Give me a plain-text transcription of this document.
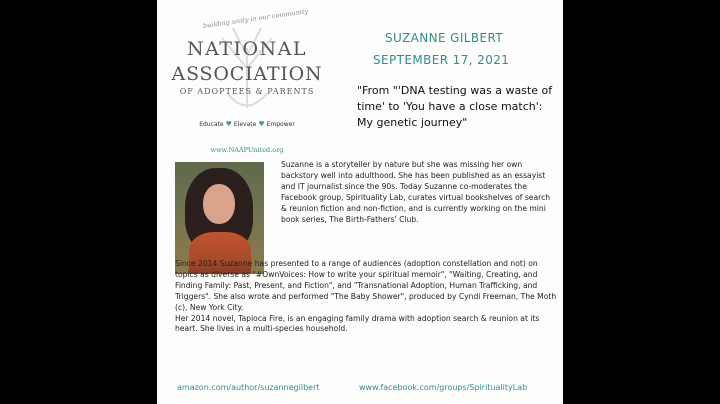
building unity in our community
NATIONAL
ASSOCIATION
OF ADOPTEES & PARENTS
Educate ♥ Elevate ♥ Empower
www.NAAPUnited.org
SUZANNE GILBERT
SEPTEMBER 17, 2021
"From "'DNA testing was a waste of time' to 'You have a close match': My genetic journey"

Suzanne is a storyteller by nature but she was missing her own backstory well into adulthood. She has been published as an essayist and IT journalist since the 90s. Today Suzanne co-moderates the Facebook group, Spirituality Lab, curates virtual bookshelves of search & reunion fiction and non-fiction, and is currently working on the mini book series, The Birth-Fathers' Club.

Since 2014 Suzanne has presented to a range of audiences (adoption constellation and not) on topics as diverse as "#OwnVoices: How to write your spiritual memoir", "Waiting, Creating, and Finding Family: Past, Present, and Fiction", and "Transnational Adoption, Human Trafficking, and Triggers". She also wrote and performed "The Baby Shower", produced by Cyndi Freeman, The Moth (c), New York City.

Her 2014 novel, Tapioca Fire, is an engaging family drama with adoption search & reunion at its heart. She lives in a multi-species household.

amazon.com/author/suzannegilbert	www.facebook.com/groups/SpiritualityLab
